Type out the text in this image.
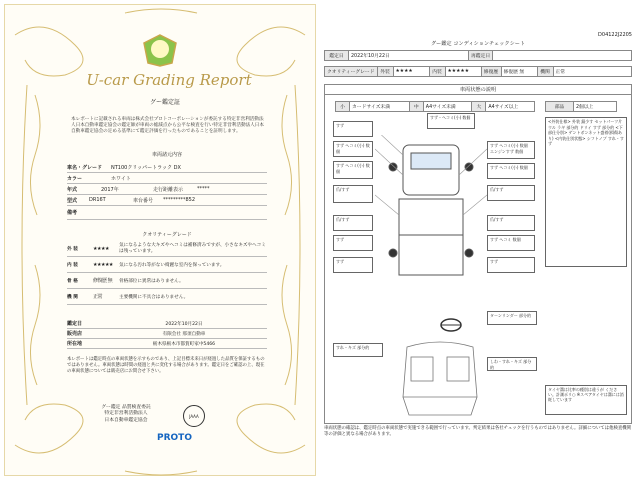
U-car Grading Report
グー鑑定証
本レポートに記載される車両は株式会社プロトコーポレーションが委託する特定非営利活動法人日本自動車鑑定協会の鑑定師が車両の総減点から公平な検査を行い特定非営利活動法人日本自動車鑑定協会の定める基準にて鑑定評価を行ったものであることを証明します。
車両諸元内容
車名・グレード	NT100クリッパートラック DX
カラー	ホワイト
年式	2017年	走行距離表示	*****
型式	DR16T	車台番号	*********852
備考
クオリティーグレード
外 装	★★★★	気になるような大キズやヘコミは補修済みですが、小さなキズやヘコミは残っています。
内 装	★★★★★	気になる汚れ等がない綺麗な室内を保っています。
骨 格	修復歴 無	骨格部位に異常はありません。
機 関	正常	主要機関に不具合はありません。
鑑定日	2022年10月22日
販売店	有限会社 那須自動車
所在地	栃木県栃木市都賀町家中5466
本レポートは鑑定時点の車両状態を示すものであり、上記目標未来日が経過した品質を保証するものではありません。車両状態は時間の経過と共に変化する場合があります。鑑定日をご確認の上、現在の車両状態については販売店にお問合せ下さい。
グー鑑定 品質検査委託
特定非営利活動法人
日本自動車鑑定協会
JAAA
PROTO
D04122J2205
グー鑑定 コンディションチェックシート
鑑定日	2022年10月22日	再鑑定日	
クオリティーグレード	外装	★★★★	内装	★★★★★	修復歴	修復歴 無	機関	正常
車両状態の説明
小	カードサイズ未満	中	A4サイズ未満	大	A4サイズ以上	部品	2個以上
すず
すず へコミ(小) 数個
すず へコミ(小) 数個
爪/すず
爪/すず
すず
すず
すず・へコミ(小) 数個
すず へコミ(小) 数個 エンジンすず 数個
すず へコミ(小) 数個
爪/すず
爪/すず
すず へコミ 数個
すず
すれ・キズ 部分的
しわ・すれ・キズ 部分的
ターンリンダー 部分的
<外装仕様> 外装 錆少す セットパーツ片ウル ラギ 部分的 ドリイ すず 部分的 <下部仕分別> ゲントボンネット盛着(損傷あり) <内装仕別状態> シフトノブ すれ・すず
タイヤ溝は比率の種別は違うが ください。計測ポリ○ ※スペアタイヤは溝には消耗しています
車両状態の確認は、鑑定時点の車両状態で実施できる範囲で行っています。判定結果は各社チェックを行うものではありません。詳細については他検査機関等の評価と異なる場合があります。
